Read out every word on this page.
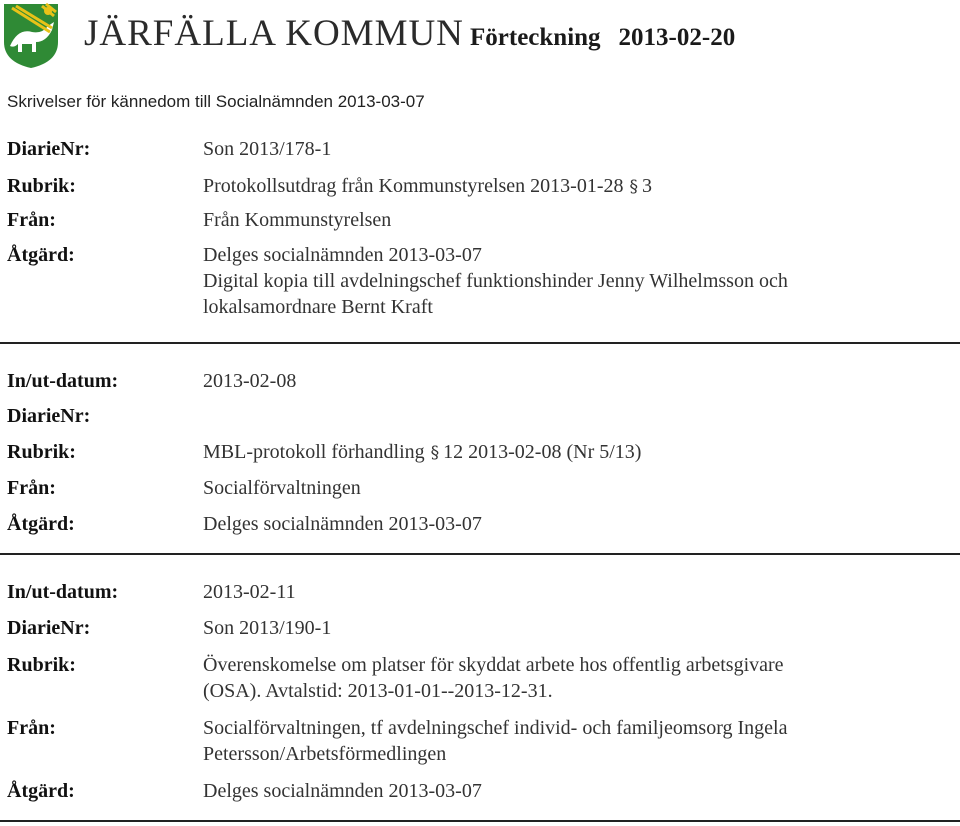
JÄRFÄLLA KOMMUN Förteckning 2013-02-20
Skrivelser för kännedom till Socialnämnden 2013-03-07
DiarieNr:	Son 2013/178-1
Rubrik:	Protokollsutdrag från Kommunstyrelsen 2013-01-28 § 3
Från:	Från Kommunstyrelsen
Åtgärd:	Delges socialnämnden 2013-03-07
Digital kopia till avdelningschef funktionshinder Jenny Wilhelmsson och
lokalsamordnare Bernt Kraft
In/ut-datum:	2013-02-08
DiarieNr:
Rubrik:	MBL-protokoll förhandling § 12 2013-02-08 (Nr 5/13)
Från:	Socialförvaltningen
Åtgärd:	Delges socialnämnden 2013-03-07
In/ut-datum:	2013-02-11
DiarieNr:	Son 2013/190-1
Rubrik:	Överenskomelse om platser för skyddat arbete hos offentlig arbetsgivare
(OSA). Avtalstid: 2013-01-01--2013-12-31.
Från:	Socialförvaltningen, tf avdelningschef individ- och familjeomsorg Ingela
Petersson/Arbetsförmedlingen
Åtgärd:	Delges socialnämnden 2013-03-07
